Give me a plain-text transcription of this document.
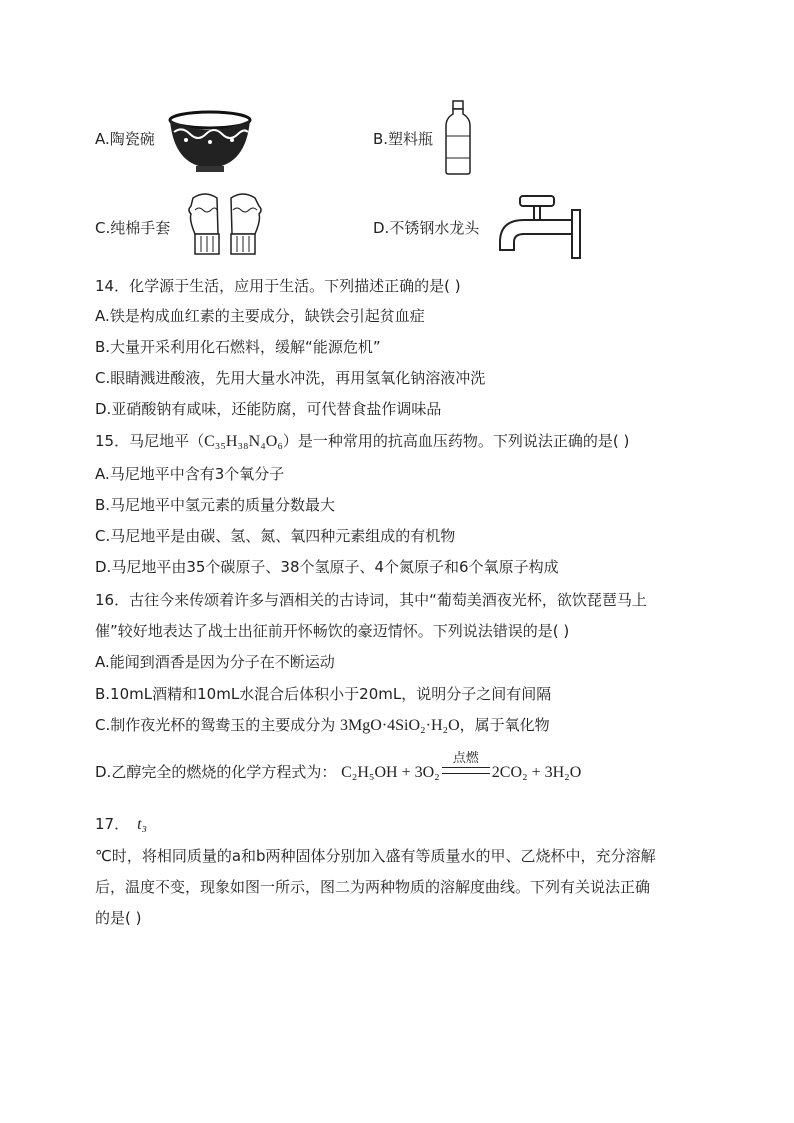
A.陶瓷碗	B.塑料瓶
C.纯棉手套	D.不锈钢水龙头
14．化学源于生活，应用于生活。下列描述正确的是( )
A.铁是构成血红素的主要成分，缺铁会引起贫血症
B.大量开采利用化石燃料，缓解“能源危机”
C.眼睛溅进酸液，先用大量水冲洗，再用氢氧化钠溶液冲洗
D.亚硝酸钠有咸味，还能防腐，可代替食盐作调味品
15．马尼地平（C₃₅H₃₈N₄O₆）是一种常用的抗高血压药物。下列说法正确的是( )
A.马尼地平中含有3个氧分子
B.马尼地平中氢元素的质量分数最大
C.马尼地平是由碳、氢、氮、氧四种元素组成的有机物
D.马尼地平由35个碳原子、38个氢原子、4个氮原子和6个氧原子构成
16．古往今来传颂着许多与酒相关的古诗词，其中“葡萄美酒夜光杯，欲饮琵琶马上
催”较好地表达了战士出征前开怀畅饮的豪迈情怀。下列说法错误的是( )
A.能闻到酒香是因为分子在不断运动
B.10mL酒精和10mL水混合后体积小于20mL，说明分子之间有间隔
C.制作夜光杯的鸳鸯玉的主要成分为 3MgO·4SiO₂·H₂O，属于氧化物
D.乙醇完全的燃烧的化学方程式为： C₂H₅OH + 3O₂
点燃
2CO₂ + 3H₂O
17． t₃
℃时，将相同质量的a和b两种固体分别加入盛有等质量水的甲、乙烧杯中，充分溶解
后，温度不变，现象如图一所示，图二为两种物质的溶解度曲线。下列有关说法正确
的是( )
